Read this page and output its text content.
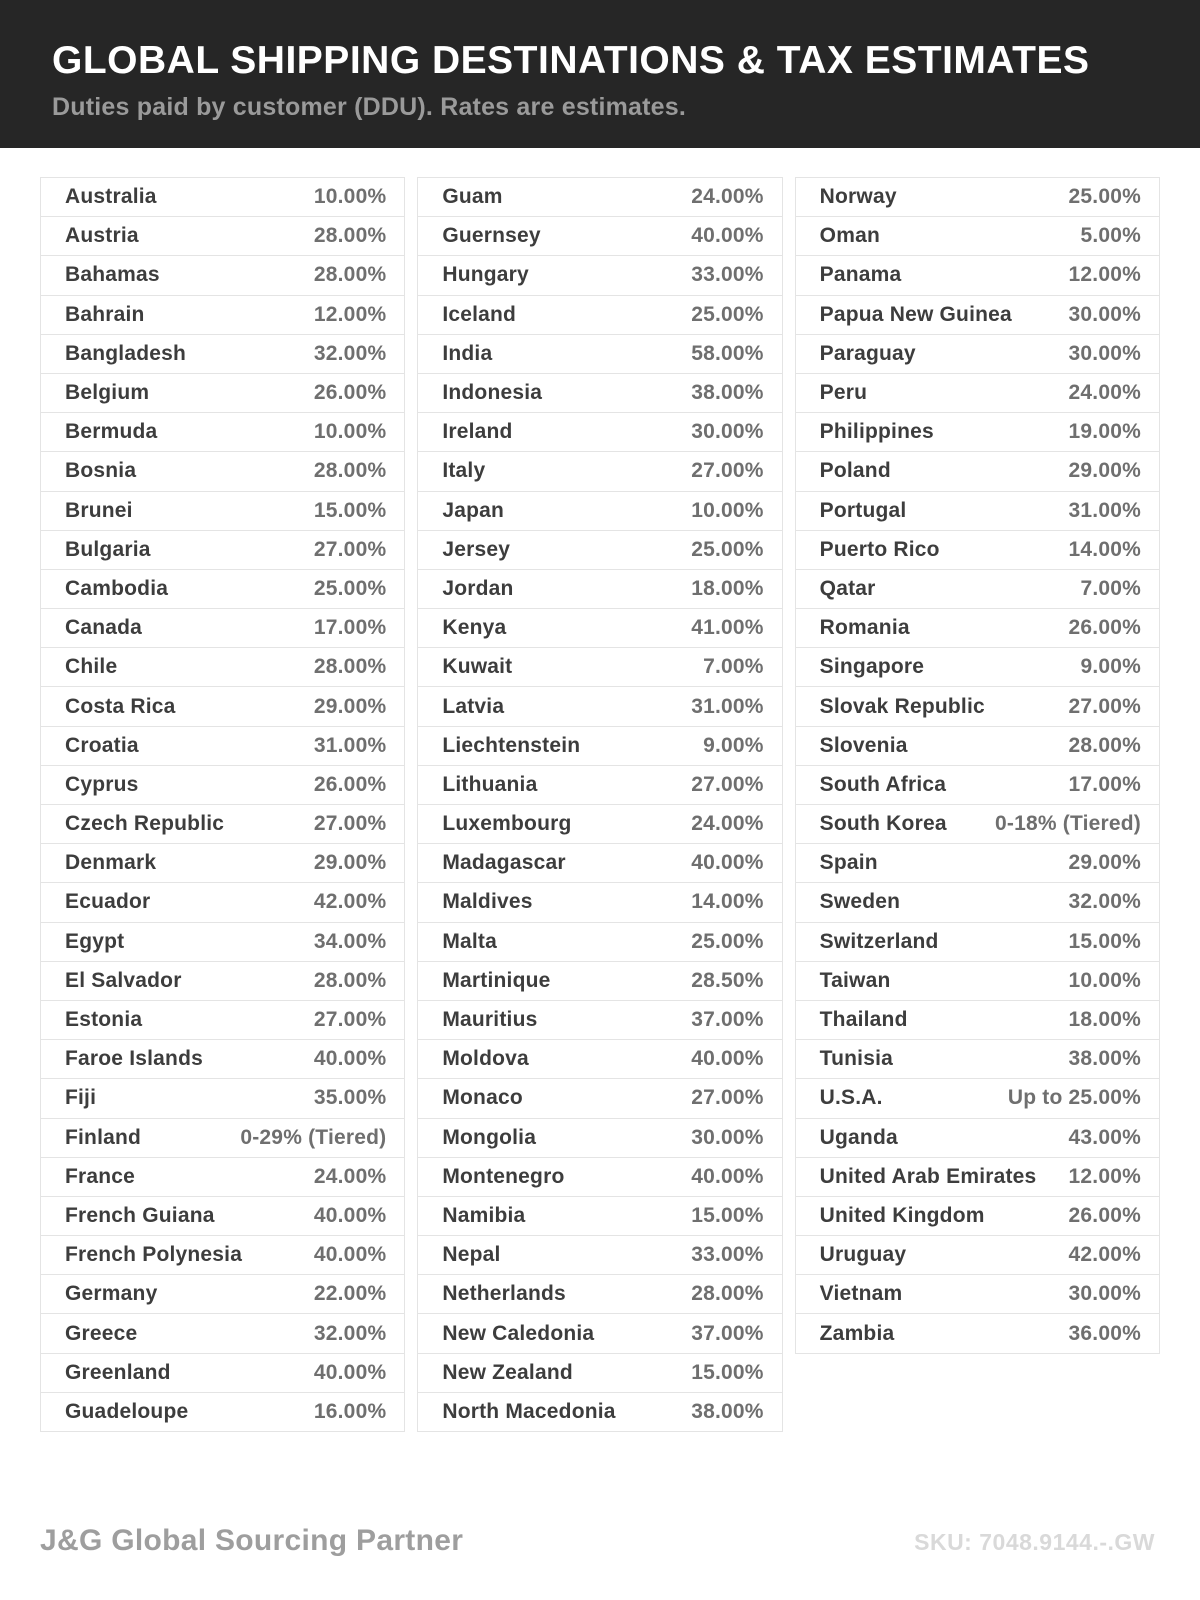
GLOBAL SHIPPING DESTINATIONS & TAX ESTIMATES
Duties paid by customer (DDU). Rates are estimates.
Australia	10.00%
Austria	28.00%
Bahamas	28.00%
Bahrain	12.00%
Bangladesh	32.00%
Belgium	26.00%
Bermuda	10.00%
Bosnia	28.00%
Brunei	15.00%
Bulgaria	27.00%
Cambodia	25.00%
Canada	17.00%
Chile	28.00%
Costa Rica	29.00%
Croatia	31.00%
Cyprus	26.00%
Czech Republic	27.00%
Denmark	29.00%
Ecuador	42.00%
Egypt	34.00%
El Salvador	28.00%
Estonia	27.00%
Faroe Islands	40.00%
Fiji	35.00%
Finland	0-29% (Tiered)
France	24.00%
French Guiana	40.00%
French Polynesia	40.00%
Germany	22.00%
Greece	32.00%
Greenland	40.00%
Guadeloupe	16.00%
Guam	24.00%
Guernsey	40.00%
Hungary	33.00%
Iceland	25.00%
India	58.00%
Indonesia	38.00%
Ireland	30.00%
Italy	27.00%
Japan	10.00%
Jersey	25.00%
Jordan	18.00%
Kenya	41.00%
Kuwait	7.00%
Latvia	31.00%
Liechtenstein	9.00%
Lithuania	27.00%
Luxembourg	24.00%
Madagascar	40.00%
Maldives	14.00%
Malta	25.00%
Martinique	28.50%
Mauritius	37.00%
Moldova	40.00%
Monaco	27.00%
Mongolia	30.00%
Montenegro	40.00%
Namibia	15.00%
Nepal	33.00%
Netherlands	28.00%
New Caledonia	37.00%
New Zealand	15.00%
North Macedonia	38.00%
Norway	25.00%
Oman	5.00%
Panama	12.00%
Papua New Guinea	30.00%
Paraguay	30.00%
Peru	24.00%
Philippines	19.00%
Poland	29.00%
Portugal	31.00%
Puerto Rico	14.00%
Qatar	7.00%
Romania	26.00%
Singapore	9.00%
Slovak Republic	27.00%
Slovenia	28.00%
South Africa	17.00%
South Korea 0-18% (Tiered)
Spain	29.00%
Sweden	32.00%
Switzerland	15.00%
Taiwan	10.00%
Thailand	18.00%
Tunisia	38.00%
U.S.A.	Up to 25.00%
Uganda	43.00%
United Arab Emirates 12.00%
United Kingdom	26.00%
Uruguay	42.00%
Vietnam	30.00%
Zambia	36.00%
J&G Global Sourcing Partner	SKU: 7048.9144.-.GW
